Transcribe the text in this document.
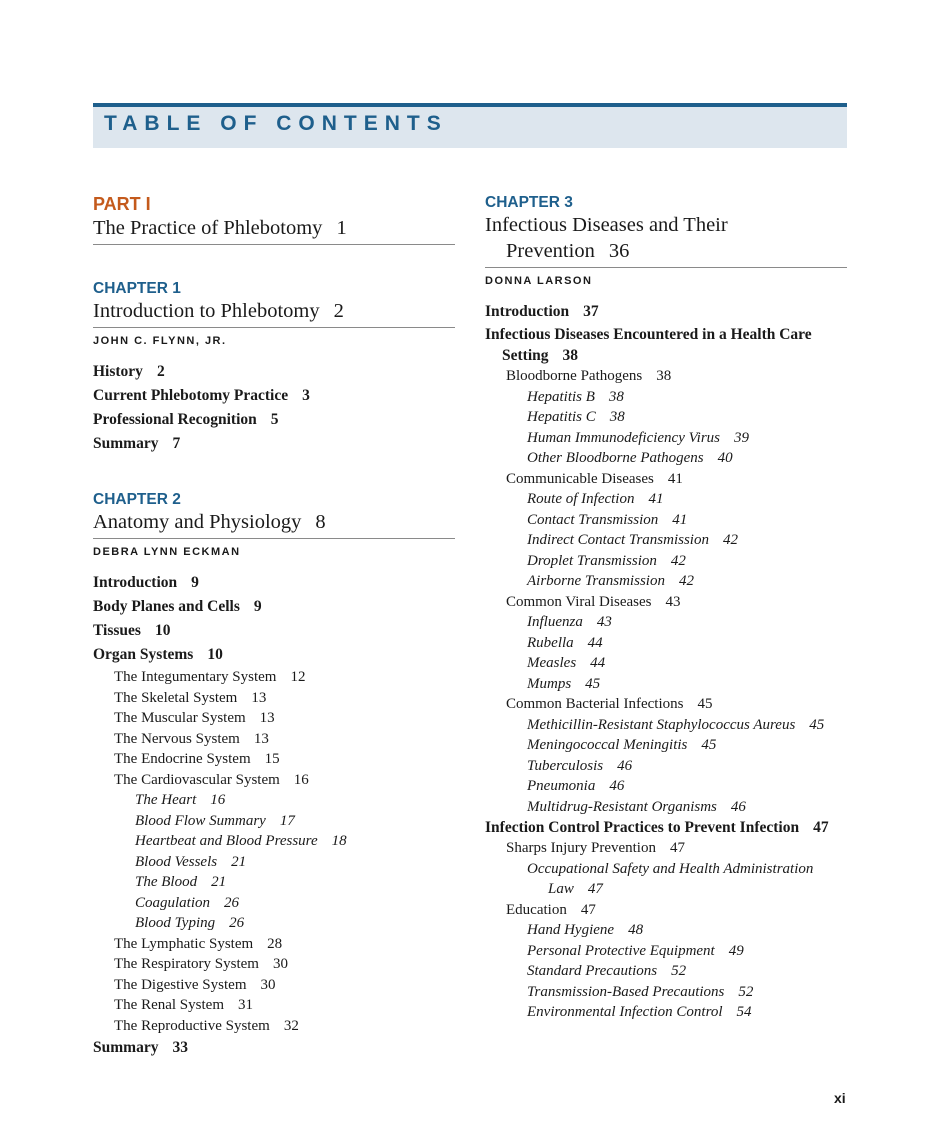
TABLE OF CONTENTS
PART I
The Practice of Phlebotomy 1
CHAPTER 1
Introduction to Phlebotomy 2
JOHN C. FLYNN, JR.
History 2
Current Phlebotomy Practice 3
Professional Recognition 5
Summary 7
CHAPTER 2
Anatomy and Physiology 8
DEBRA LYNN ECKMAN
Introduction 9
Body Planes and Cells 9
Tissues 10
Organ Systems 10
The Integumentary System 12
The Skeletal System 13
The Muscular System 13
The Nervous System 13
The Endocrine System 15
The Cardiovascular System 16
The Heart 16
Blood Flow Summary 17
Heartbeat and Blood Pressure 18
Blood Vessels 21
The Blood 21
Coagulation 26
Blood Typing 26
The Lymphatic System 28
The Respiratory System 30
The Digestive System 30
The Renal System 31
The Reproductive System 32
Summary 33
CHAPTER 3
Infectious Diseases and Their Prevention 36
DONNA LARSON
Introduction 37
Infectious Diseases Encountered in a Health Care Setting 38
Bloodborne Pathogens 38
Hepatitis B 38
Hepatitis C 38
Human Immunodeficiency Virus 39
Other Bloodborne Pathogens 40
Communicable Diseases 41
Route of Infection 41
Contact Transmission 41
Indirect Contact Transmission 42
Droplet Transmission 42
Airborne Transmission 42
Common Viral Diseases 43
Influenza 43
Rubella 44
Measles 44
Mumps 45
Common Bacterial Infections 45
Methicillin-Resistant Staphylococcus Aureus 45
Meningococcal Meningitis 45
Tuberculosis 46
Pneumonia 46
Multidrug-Resistant Organisms 46
Infection Control Practices to Prevent Infection 47
Sharps Injury Prevention 47
Occupational Safety and Health Administration Law 47
Education 47
Hand Hygiene 48
Personal Protective Equipment 49
Standard Precautions 52
Transmission-Based Precautions 52
Environmental Infection Control 54
xi
